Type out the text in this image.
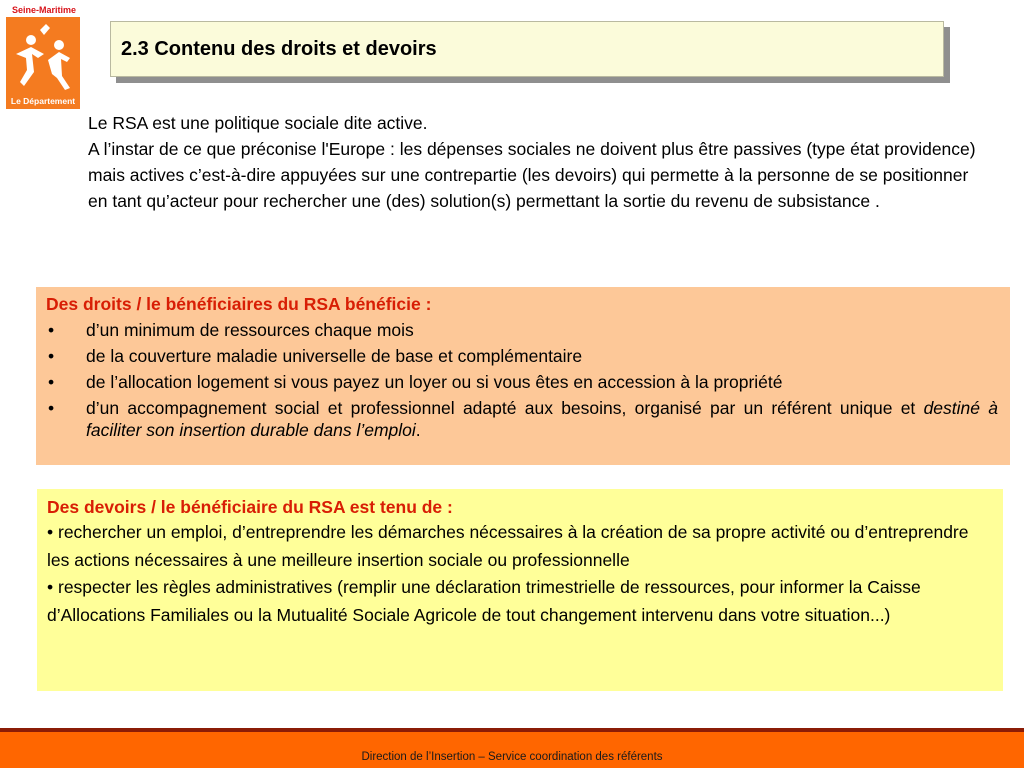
Seine-Maritime
Le Département
2.3 Contenu des droits et devoirs

Le RSA est une politique sociale dite active.

A l’instar de ce que préconise l'Europe : les dépenses sociales ne doivent plus être passives (type état providence) mais actives c’est-à-dire appuyées sur une contrepartie (les devoirs) qui permette à la personne de se positionner en tant qu’acteur pour rechercher une (des) solution(s) permettant la sortie du revenu de subsistance .

Des droits / le bénéficiaires du RSA bénéficie :
• d’un minimum de ressources chaque mois
• de la couverture maladie universelle de base et complémentaire
• de l’allocation logement si vous payez un loyer ou si vous êtes en accession à la propriété
• d’un accompagnement social et professionnel adapté aux besoins, organisé par un référent unique et destiné à faciliter son insertion durable dans l’emploi.
Des devoirs / le bénéficiaire du RSA est tenu de :

• rechercher un emploi, d’entreprendre les démarches nécessaires à la création de sa propre activité ou d’entreprendre les actions nécessaires à une meilleure insertion sociale ou professionnelle

• respecter les règles administratives (remplir une déclaration trimestrielle de ressources, pour informer la Caisse d’Allocations Familiales ou la Mutualité Sociale Agricole de tout changement intervenu dans votre situation...)

Direction de l’Insertion – Service coordination des référents
